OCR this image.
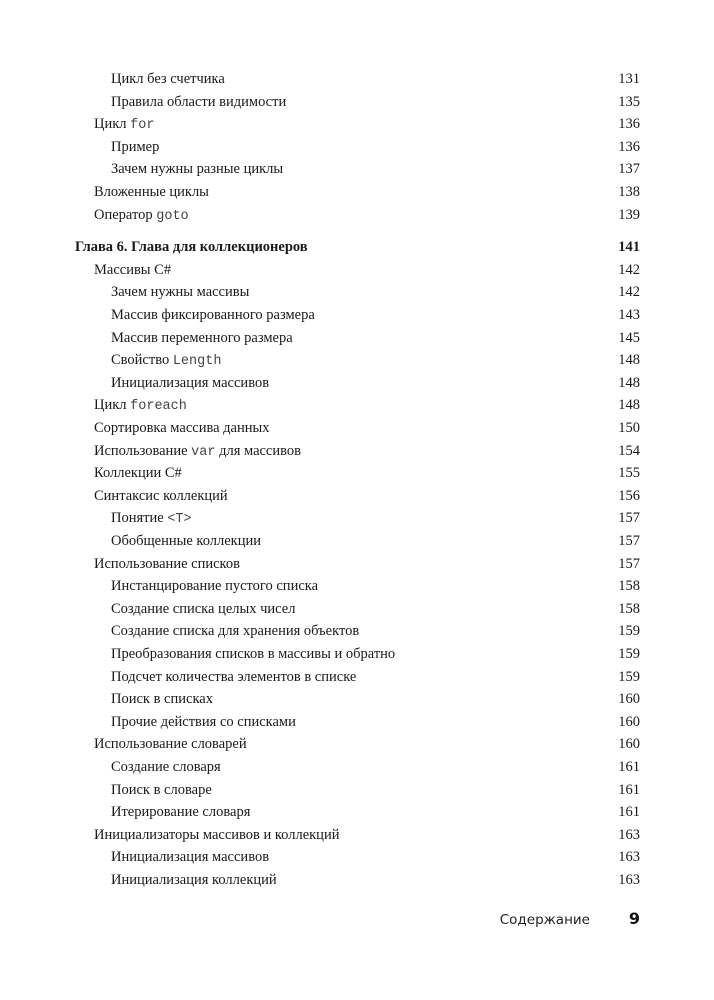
Цикл без счетчика	131
Правила области видимости	135
Цикл for	136
Пример	136
Зачем нужны разные циклы	137
Вложенные циклы	138
Оператор goto	139
Глава 6. Глава для коллекционеров	141
Массивы C#	142
Зачем нужны массивы	142
Массив фиксированного размера	143
Массив переменного размера	145
Свойство Length	148
Инициализация массивов	148
Цикл foreach	148
Сортировка массива данных	150
Использование var для массивов	154
Коллекции C#	155
Синтаксис коллекций	156
Понятие <T>	157
Обобщенные коллекции	157
Использование списков	157
Инстанцирование пустого списка	158
Создание списка целых чисел	158
Создание списка для хранения объектов	159
Преобразования списков в массивы и обратно	159
Подсчет количества элементов в списке	159
Поиск в списках	160
Прочие действия со списками	160
Использование словарей	160
Создание словаря	161
Поиск в словаре	161
Итерирование словаря	161
Инициализаторы массивов и коллекций	163
Инициализация массивов	163
Инициализация коллекций	163
Содержание 9
